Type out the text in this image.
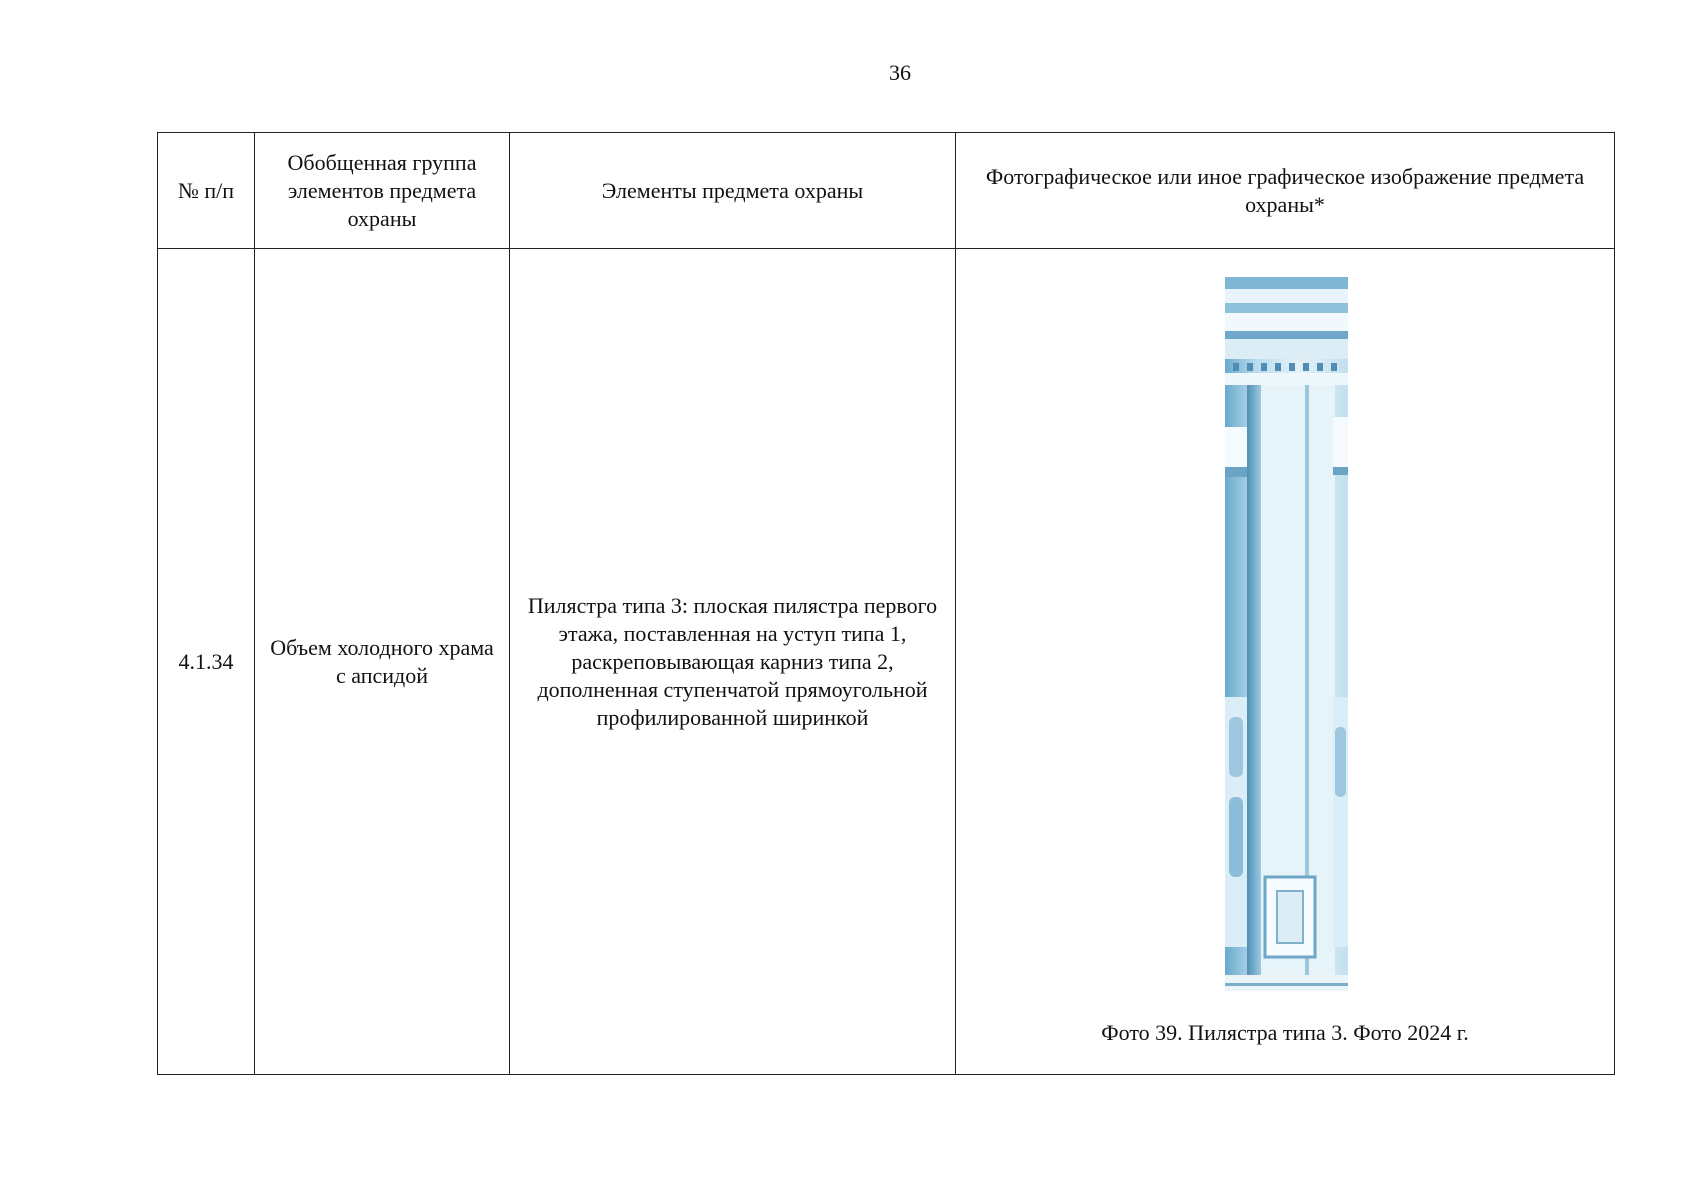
36
№ п/п	Обобщенная группа элементов предмета охраны	Элементы предмета охраны	Фотографическое или иное графическое изображение предмета охраны*
4.1.34	Объем холодного храма с апсидой	Пилястра типа 3: плоская пилястра первого этажа, поставленная на уступ типа 1, раскреповывающая карниз типа 2, дополненная ступенчатой прямоугольной профилированной ширинкой	Фото 39. Пилястра типа 3. Фото 2024 г.
